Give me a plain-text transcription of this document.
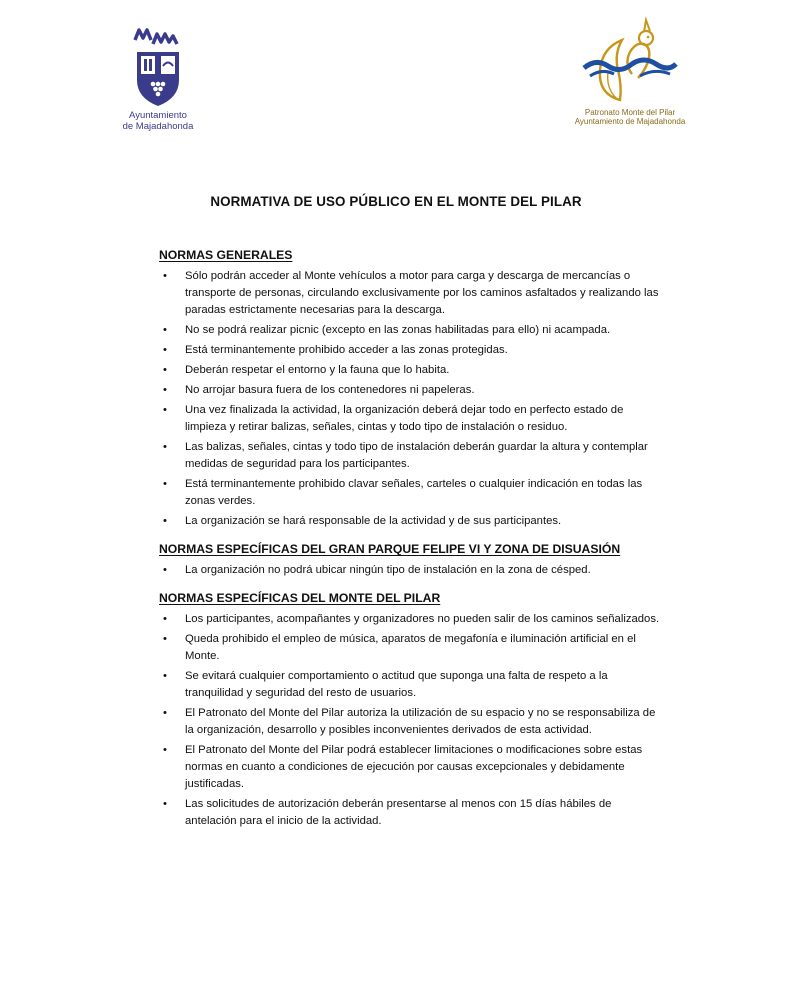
Ayuntamiento
de Majadahonda
Patronato Monte del Pilar
Ayuntamiento de Majadahonda
NORMATIVA DE USO PÚBLICO EN EL MONTE DEL PILAR
NORMAS GENERALES
• Sólo podrán acceder al Monte vehículos a motor para carga y descarga de mercancías o transporte de personas, circulando exclusivamente por los caminos asfaltados y realizando las paradas estrictamente necesarias para la descarga.
• No se podrá realizar picnic (excepto en las zonas habilitadas para ello) ni acampada.
• Está terminantemente prohibido acceder a las zonas protegidas.
• Deberán respetar el entorno y la fauna que lo habita.
• No arrojar basura fuera de los contenedores ni papeleras.
• Una vez finalizada la actividad, la organización deberá dejar todo en perfecto estado de limpieza y retirar balizas, señales, cintas y todo tipo de instalación o residuo.
• Las balizas, señales, cintas y todo tipo de instalación deberán guardar la altura y contemplar medidas de seguridad para los participantes.
• Está terminantemente prohibido clavar señales, carteles o cualquier indicación en todas las zonas verdes.
• La organización se hará responsable de la actividad y de sus participantes.
NORMAS ESPECÍFICAS DEL GRAN PARQUE FELIPE VI Y ZONA DE DISUASIÓN
• La organización no podrá ubicar ningún tipo de instalación en la zona de césped.
NORMAS ESPECÍFICAS DEL MONTE DEL PILAR
• Los participantes, acompañantes y organizadores no pueden salir de los caminos señalizados.
• Queda prohibido el empleo de música, aparatos de megafonía e iluminación artificial en el Monte.
• Se evitará cualquier comportamiento o actitud que suponga una falta de respeto a la tranquilidad y seguridad del resto de usuarios.
• El Patronato del Monte del Pilar autoriza la utilización de su espacio y no se responsabiliza de la organización, desarrollo y posibles inconvenientes derivados de esta actividad.
• El Patronato del Monte del Pilar podrá establecer limitaciones o modificaciones sobre estas normas en cuanto a condiciones de ejecución por causas excepcionales y debidamente justificadas.
• Las solicitudes de autorización deberán presentarse al menos con 15 días hábiles de antelación para el inicio de la actividad.
